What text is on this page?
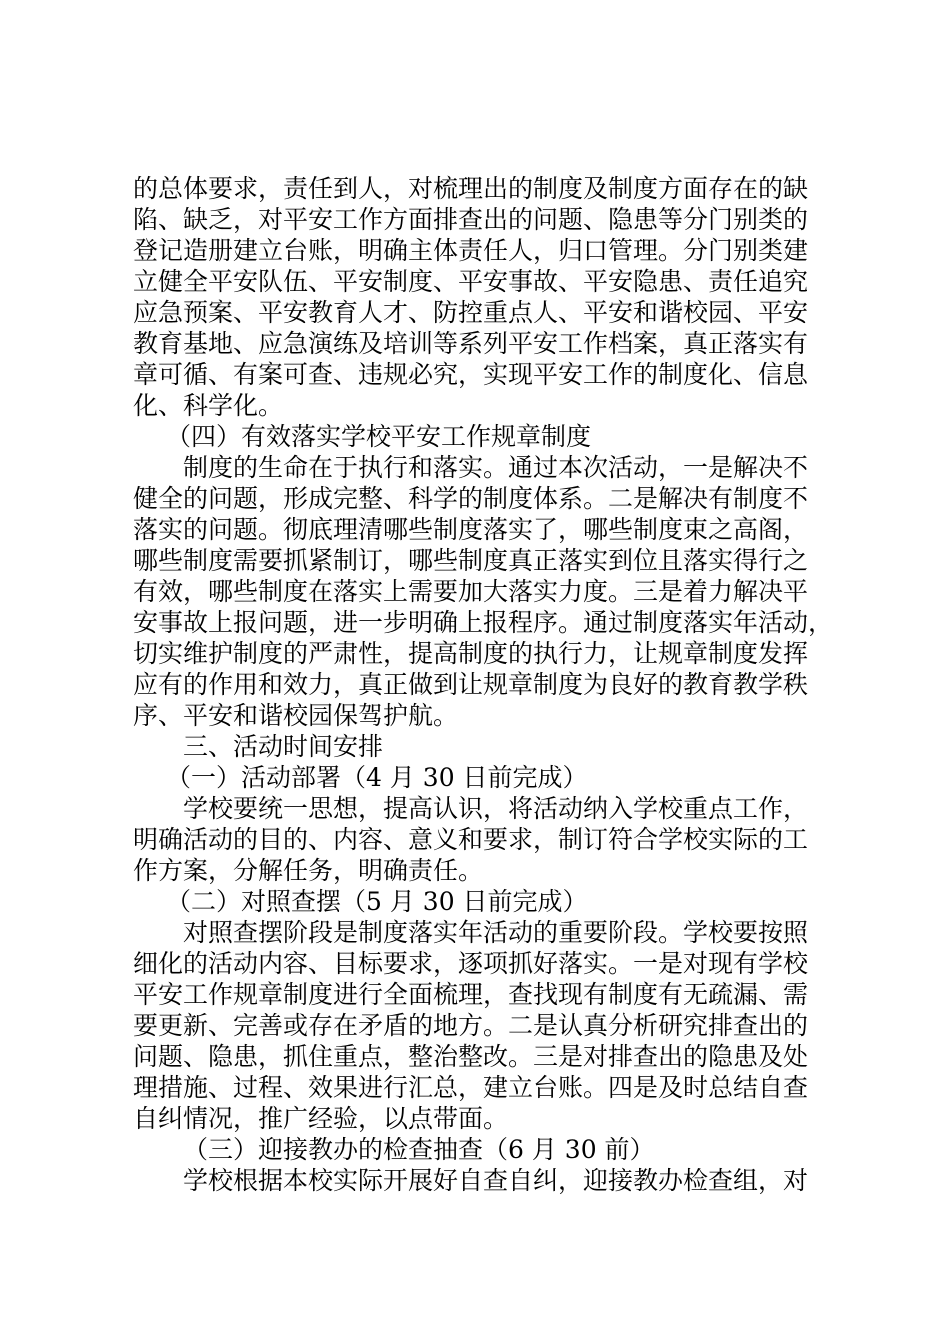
的总体要求，责任到人，对梳理出的制度及制度方面存在的缺

陷、缺乏，对平安工作方面排查出的问题、隐患等分门别类的

登记造册建立台账，明确主体责任人，归口管理。分门别类建

立健全平安队伍、平安制度、平安事故、平安隐患、责任追究

应急预案、平安教育人才、防控重点人、平安和谐校园、平安

教育基地、应急演练及培训等系列平安工作档案，真正落实有

章可循、有案可查、违规必究，实现平安工作的制度化、信息

化、科学化。

（四）有效落实学校平安工作规章制度

制度的生命在于执行和落实。通过本次活动，一是解决不

健全的问题，形成完整、科学的制度体系。二是解决有制度不

落实的问题。彻底理清哪些制度落实了，哪些制度束之高阁，

哪些制度需要抓紧制订，哪些制度真正落实到位且落实得行之

有效，哪些制度在落实上需要加大落实力度。三是着力解决平

安事故上报问题，进一步明确上报程序。通过制度落实年活动，

切实维护制度的严肃性，提高制度的执行力，让规章制度发挥

应有的作用和效力，真正做到让规章制度为良好的教育教学秩

序、平安和谐校园保驾护航。

三、活动时间安排

（一）活动部署（4 月 30 日前完成）

学校要统一思想，提高认识，将活动纳入学校重点工作，

明确活动的目的、内容、意义和要求，制订符合学校实际的工

作方案，分解任务，明确责任。

（二）对照查摆（5 月 30 日前完成）

对照查摆阶段是制度落实年活动的重要阶段。学校要按照

细化的活动内容、目标要求，逐项抓好落实。一是对现有学校

平安工作规章制度进行全面梳理，查找现有制度有无疏漏、需

要更新、完善或存在矛盾的地方。二是认真分析研究排查出的

问题、隐患，抓住重点，整治整改。三是对排查出的隐患及处

理措施、过程、效果进行汇总，建立台账。四是及时总结自查

自纠情况，推广经验，以点带面。

（三）迎接教办的检查抽查（6 月 30 前）

学校根据本校实际开展好自查自纠，迎接教办检查组，对
